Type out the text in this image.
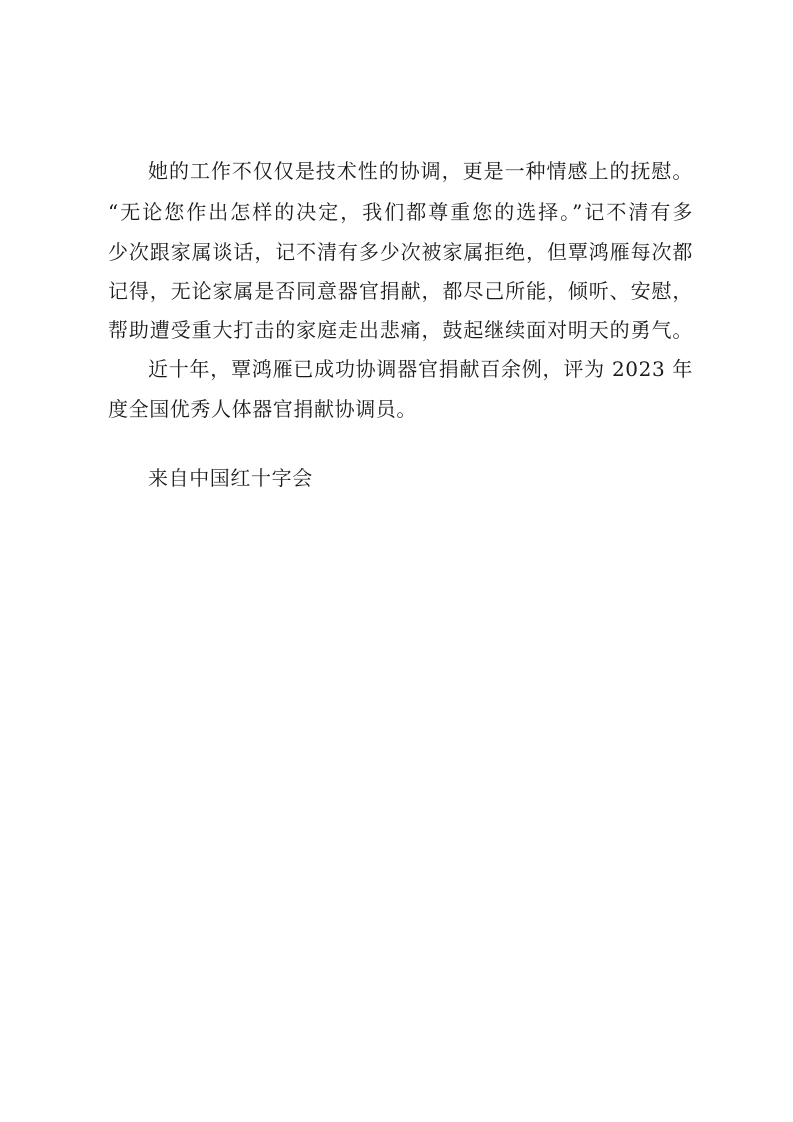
她的工作不仅仅是技术性的协调，更是一种情感上的抚慰。
“无论您作出怎样的决定，我们都尊重您的选择。”记不清有多
少次跟家属谈话，记不清有多少次被家属拒绝，但覃鸿雁每次都
记得，无论家属是否同意器官捐献，都尽己所能，倾听、安慰，
帮助遭受重大打击的家庭走出悲痛，鼓起继续面对明天的勇气。
近十年，覃鸿雁已成功协调器官捐献百余例，评为 2023 年
度全国优秀人体器官捐献协调员。
来自中国红十字会
